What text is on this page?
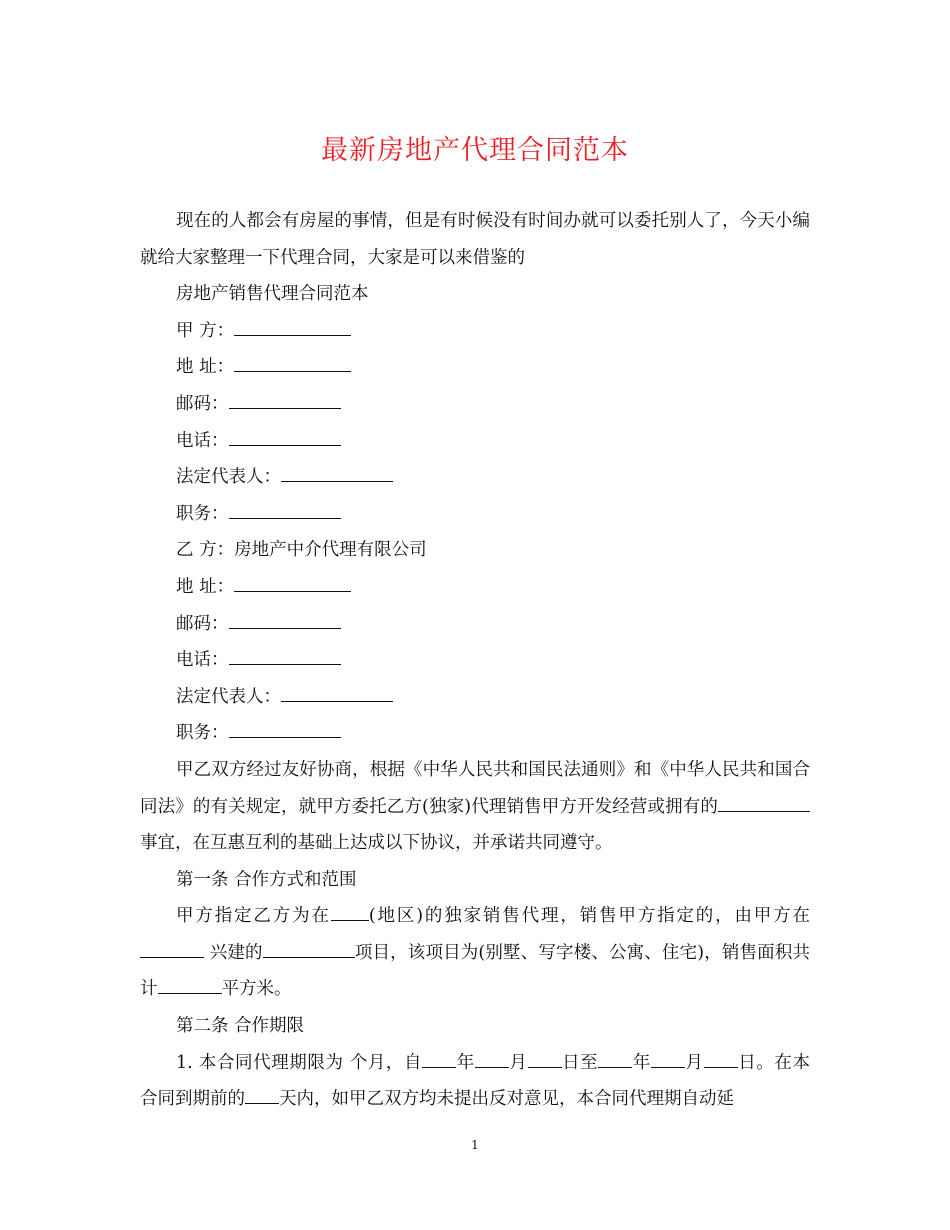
最新房地产代理合同范本

现在的人都会有房屋的事情，但是有时候没有时间办就可以委托别人了，今天小编就给大家整理一下代理合同，大家是可以来借鉴的

房地产销售代理合同范本

甲 方：

地 址：

邮码：

电话：

法定代表人：

职务：

乙 方：房地产中介代理有限公司

地 址：

邮码：

电话：

法定代表人：

职务：

甲乙双方经过友好协商，根据《中华人民共和国民法通则》和《中华人民共和国合同法》的有关规定，就甲方委托乙方(独家)代理销售甲方开发经营或拥有的事宜，在互惠互利的基础上达成以下协议，并承诺共同遵守。

第一条 合作方式和范围

甲方指定乙方为在 (地区)的独家销售代理，销售甲方指定的，由甲方在 兴建的	项目，该项目为(别墅、写字楼、公寓、住宅)，销售面积共计	平方米。

第二条 合作期限

1. 本合同代理期限为 个月，自 年 月 日至 年 月 日。在本合同到期前的 天内，如甲乙双方均未提出反对意见，本合同代理期自动延

1
